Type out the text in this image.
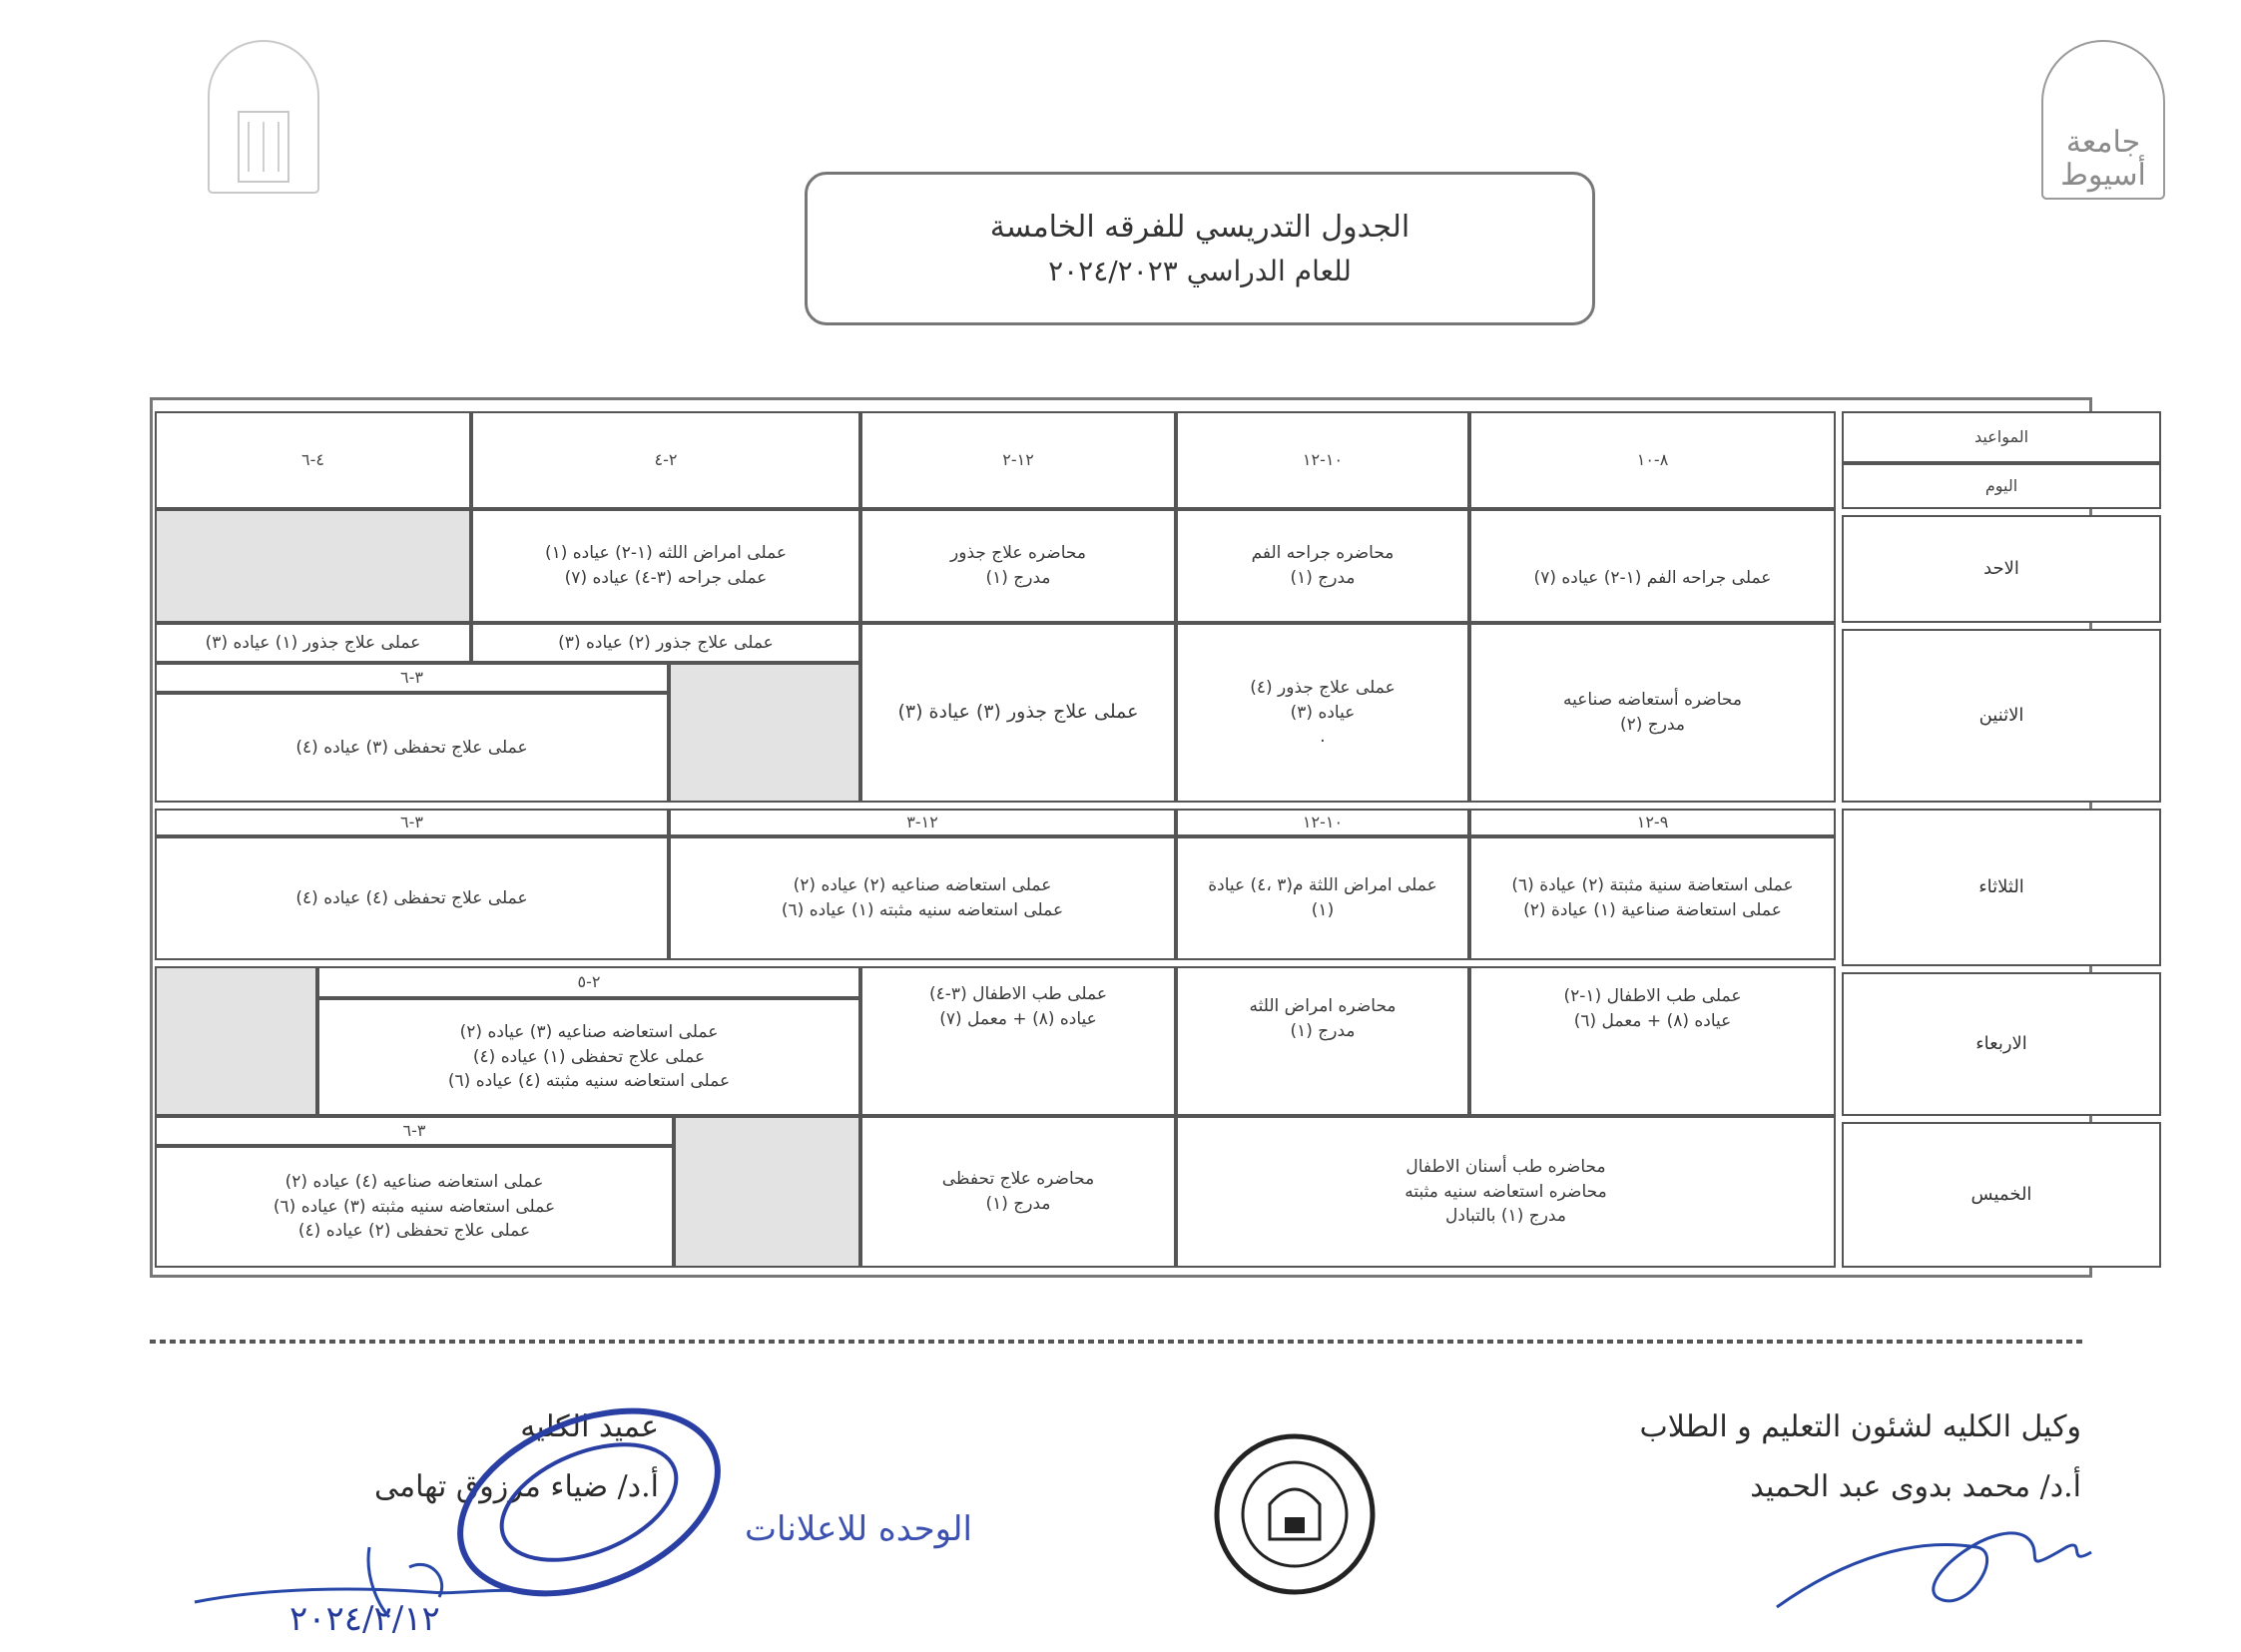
جامعة أسيوط
الجدول التدريسي للفرقه الخامسة
للعام الدراسي ٢٠٢٤/٢٠٢٣
المواعيد
اليوم
٨-١٠
١٠-١٢
١٢-٢
٢-٤
٤-٦
الاحد
عملى جراحه الفم (١-٢) عياده (٧)
محاضره جراحه الفم
مدرج (١)
محاضره علاج جذور
مدرج (١)
عملى امراض اللثه (١-٢) عياده (١)
عملى جراحه (٣-٤) عياده (٧)
الاثنين
محاضره أستعاضه صناعيه
مدرج (٢)
عملى علاج جذور (٤)
عياده (٣)
.
عملى علاج جذور (٣) عيادة (٣)
عملى علاج جذور (٢) عياده (٣)
عملى علاج جذور (١) عياده (٣)
٣-٦
عملى علاج تحفظى (٣) عياده (٤)
٩-١٢
١٠-١٢
١٢-٣
٣-٦
الثلاثاء
عملى استعاضة سنية مثبتة (٢) عيادة (٦)
عملى استعاضة صناعية (١) عيادة (٢)
عملى امراض اللثة م(٣ ،٤) عيادة
(١)
عملى استعاضه صناعيه (٢) عياده (٢)
عملى استعاضه سنيه مثبته (١) عياده (٦)
عملى علاج تحفظى (٤) عياده (٤)
الاربعاء
عملى طب الاطفال (١-٢)
عياده (٨) + معمل (٦)
محاضره امراض اللثه
مدرج (١)
عملى طب الاطفال (٣-٤)
عياده (٨) + معمل (٧)
٢-٥
عملى استعاضه صناعيه (٣) عياده (٢)
عملى علاج تحفظى (١) عياده (٤)
عملى استعاضه سنيه مثبته (٤) عياده (٦)
الخميس
محاضره طب أسنان الاطفال
محاضره استعاضه سنيه مثبته
مدرج (١) بالتبادل
محاضره علاج تحفظى
مدرج (١)
٣-٦
عملى استعاضه صناعيه (٤) عياده (٢)
عملى استعاضه سنيه مثبته (٣) عياده (٦)
عملى علاج تحفظى (٢) عياده (٤)
وكيل الكليه لشئون التعليم و الطلاب
أ.د/ محمد بدوى عبد الحميد
عميد الكليه
أ.د/ ضياء مرزوق تهامى
الوحده للاعلانات
٢٠٢٤/٢/١٢
